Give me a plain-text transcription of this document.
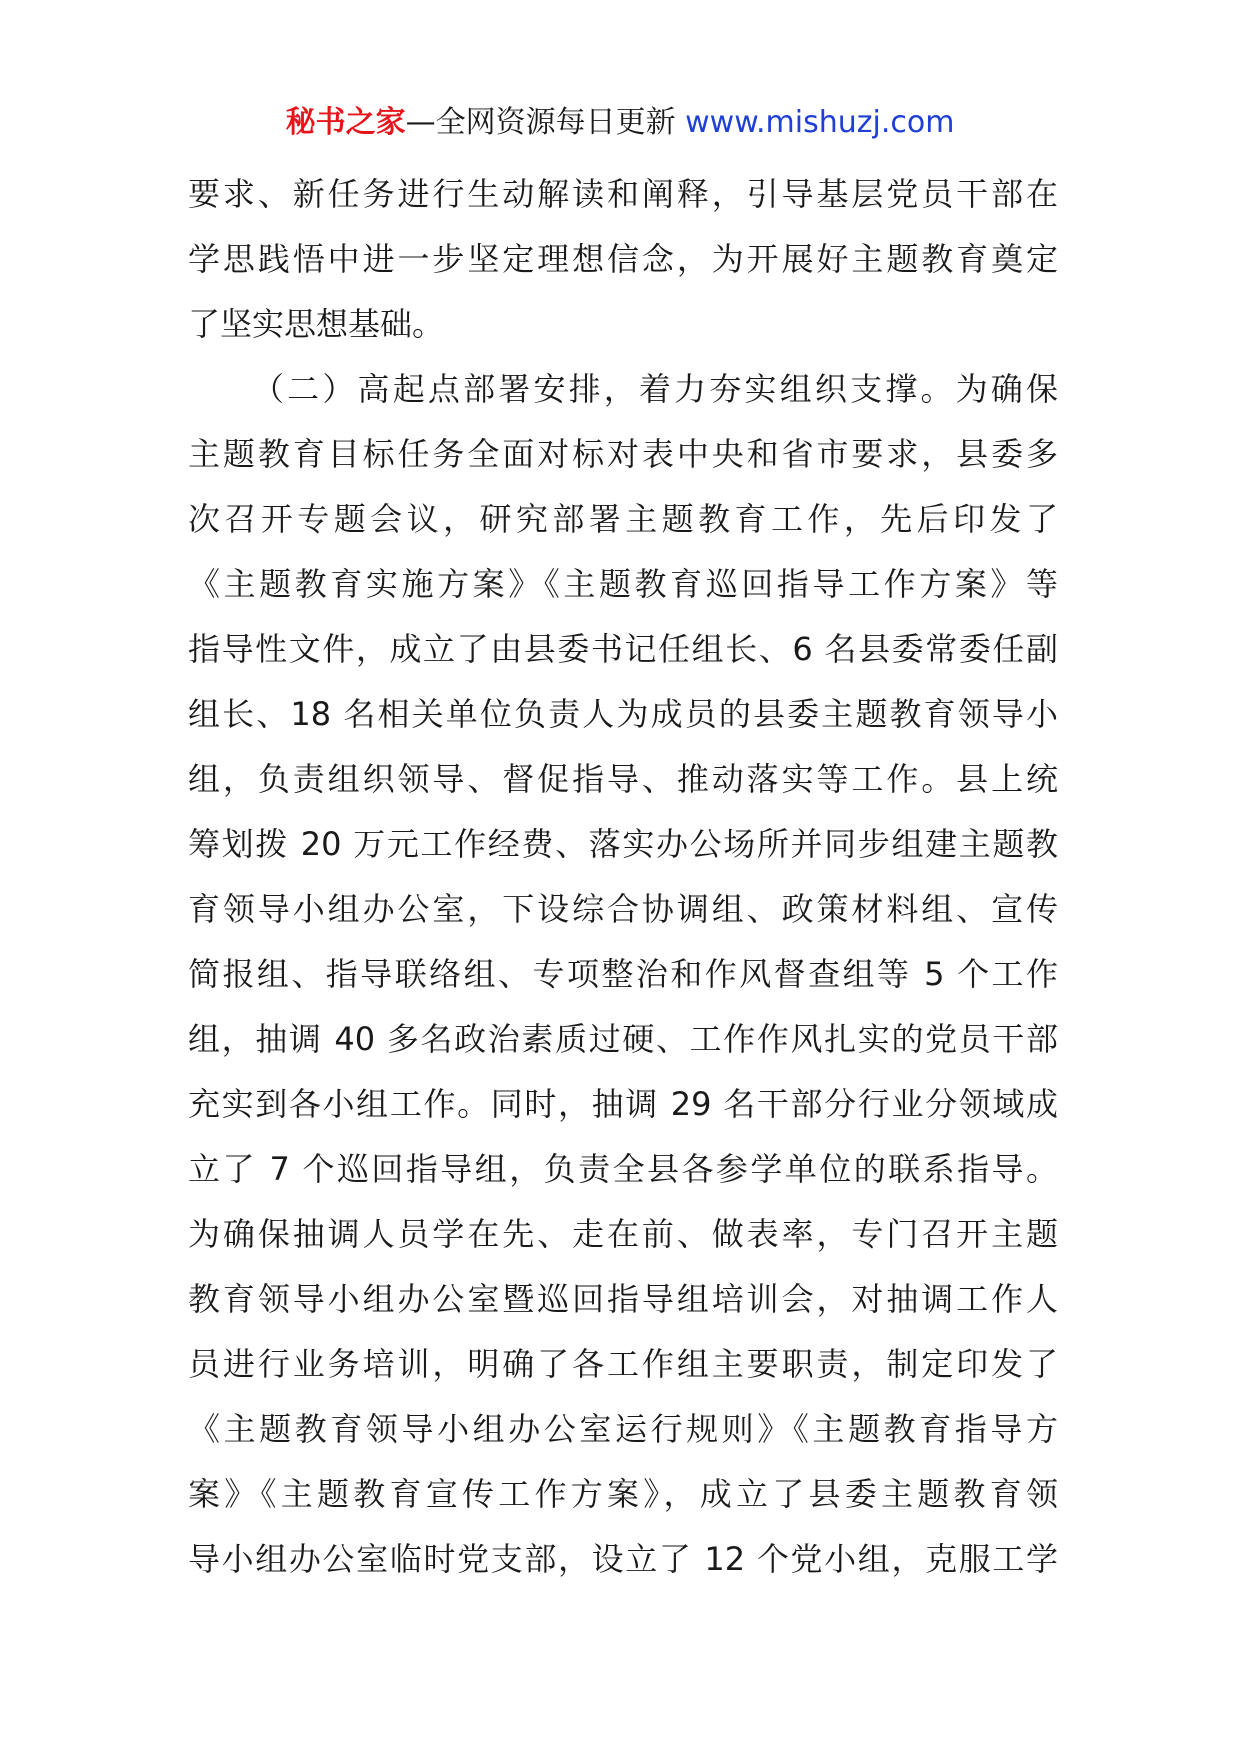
秘书之家—全网资源每日更新 www.mishuzj.com
要求、新任务进行生动解读和阐释，引导基层党员干部在
学思践悟中进一步坚定理想信念，为开展好主题教育奠定
了坚实思想基础。
（二）高起点部署安排，着力夯实组织支撑。为确保
主题教育目标任务全面对标对表中央和省市要求，县委多
次召开专题会议，研究部署主题教育工作，先后印发了
《主题教育实施方案》《主题教育巡回指导工作方案》等
指导性文件，成立了由县委书记任组长、6 名县委常委任副
组长、18 名相关单位负责人为成员的县委主题教育领导小
组，负责组织领导、督促指导、推动落实等工作。县上统
筹划拨 20 万元工作经费、落实办公场所并同步组建主题教
育领导小组办公室，下设综合协调组、政策材料组、宣传
简报组、指导联络组、专项整治和作风督查组等 5 个工作
组，抽调 40 多名政治素质过硬、工作作风扎实的党员干部
充实到各小组工作。同时，抽调 29 名干部分行业分领域成
立了 7 个巡回指导组，负责全县各参学单位的联系指导。
为确保抽调人员学在先、走在前、做表率，专门召开主题
教育领导小组办公室暨巡回指导组培训会，对抽调工作人
员进行业务培训，明确了各工作组主要职责，制定印发了
《主题教育领导小组办公室运行规则》《主题教育指导方
案》《主题教育宣传工作方案》，成立了县委主题教育领
导小组办公室临时党支部，设立了 12 个党小组，克服工学
